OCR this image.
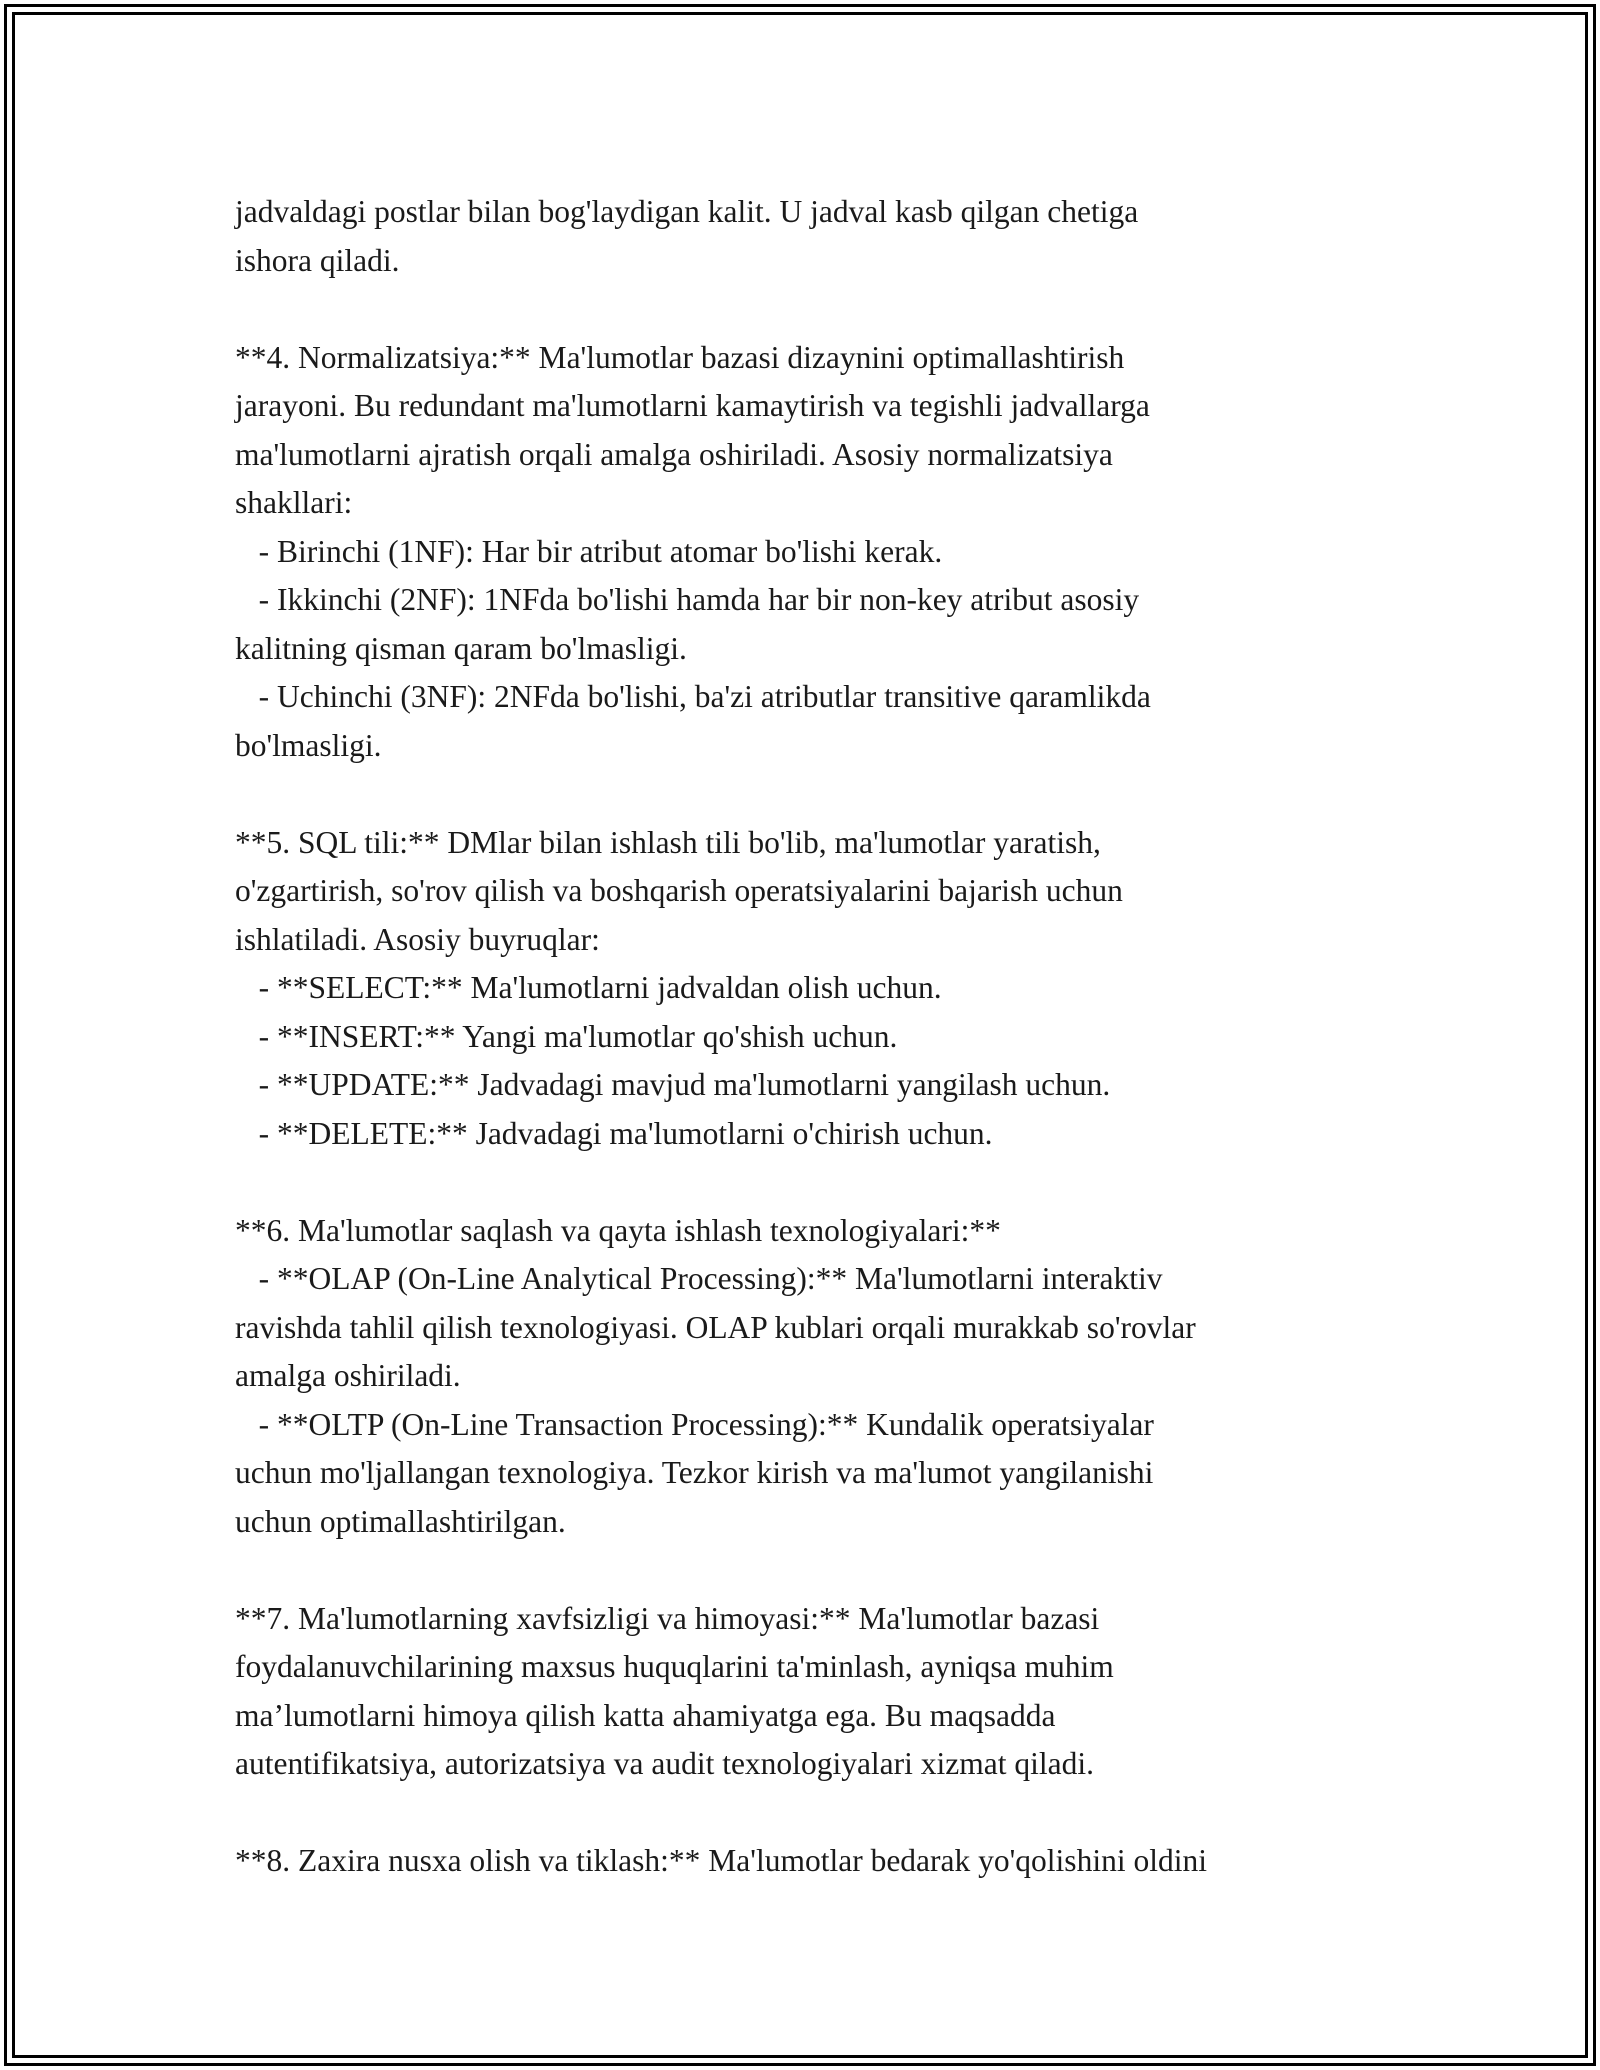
jadvaldagi postlar bilan bog'laydigan kalit. U jadval kasb qilgan chetiga
ishora qiladi.
**4. Normalizatsiya:** Ma'lumotlar bazasi dizaynini optimallashtirish
jarayoni. Bu redundant ma'lumotlarni kamaytirish va tegishli jadvallarga
ma'lumotlarni ajratish orqali amalga oshiriladi. Asosiy normalizatsiya
shakllari:
- Birinchi (1NF): Har bir atribut atomar bo'lishi kerak.
- Ikkinchi (2NF): 1NFda bo'lishi hamda har bir non-key atribut asosiy
kalitning qisman qaram bo'lmasligi.
- Uchinchi (3NF): 2NFda bo'lishi, ba'zi atributlar transitive qaramlikda
bo'lmasligi.
**5. SQL tili:** DMlar bilan ishlash tili bo'lib, ma'lumotlar yaratish,
o'zgartirish, so'rov qilish va boshqarish operatsiyalarini bajarish uchun
ishlatiladi. Asosiy buyruqlar:
- **SELECT:** Ma'lumotlarni jadvaldan olish uchun.
- **INSERT:** Yangi ma'lumotlar qo'shish uchun.
- **UPDATE:** Jadvadagi mavjud ma'lumotlarni yangilash uchun.
- **DELETE:** Jadvadagi ma'lumotlarni o'chirish uchun.
**6. Ma'lumotlar saqlash va qayta ishlash texnologiyalari:**
- **OLAP (On-Line Analytical Processing):** Ma'lumotlarni interaktiv
ravishda tahlil qilish texnologiyasi. OLAP kublari orqali murakkab so'rovlar
amalga oshiriladi.
- **OLTP (On-Line Transaction Processing):** Kundalik operatsiyalar
uchun mo'ljallangan texnologiya. Tezkor kirish va ma'lumot yangilanishi
uchun optimallashtirilgan.
**7. Ma'lumotlarning xavfsizligi va himoyasi:** Ma'lumotlar bazasi
foydalanuvchilarining maxsus huquqlarini ta'minlash, ayniqsa muhim
ma’lumotlarni himoya qilish katta ahamiyatga ega. Bu maqsadda
autentifikatsiya, autorizatsiya va audit texnologiyalari xizmat qiladi.
**8. Zaxira nusxa olish va tiklash:** Ma'lumotlar bedarak yo'qolishini oldini
